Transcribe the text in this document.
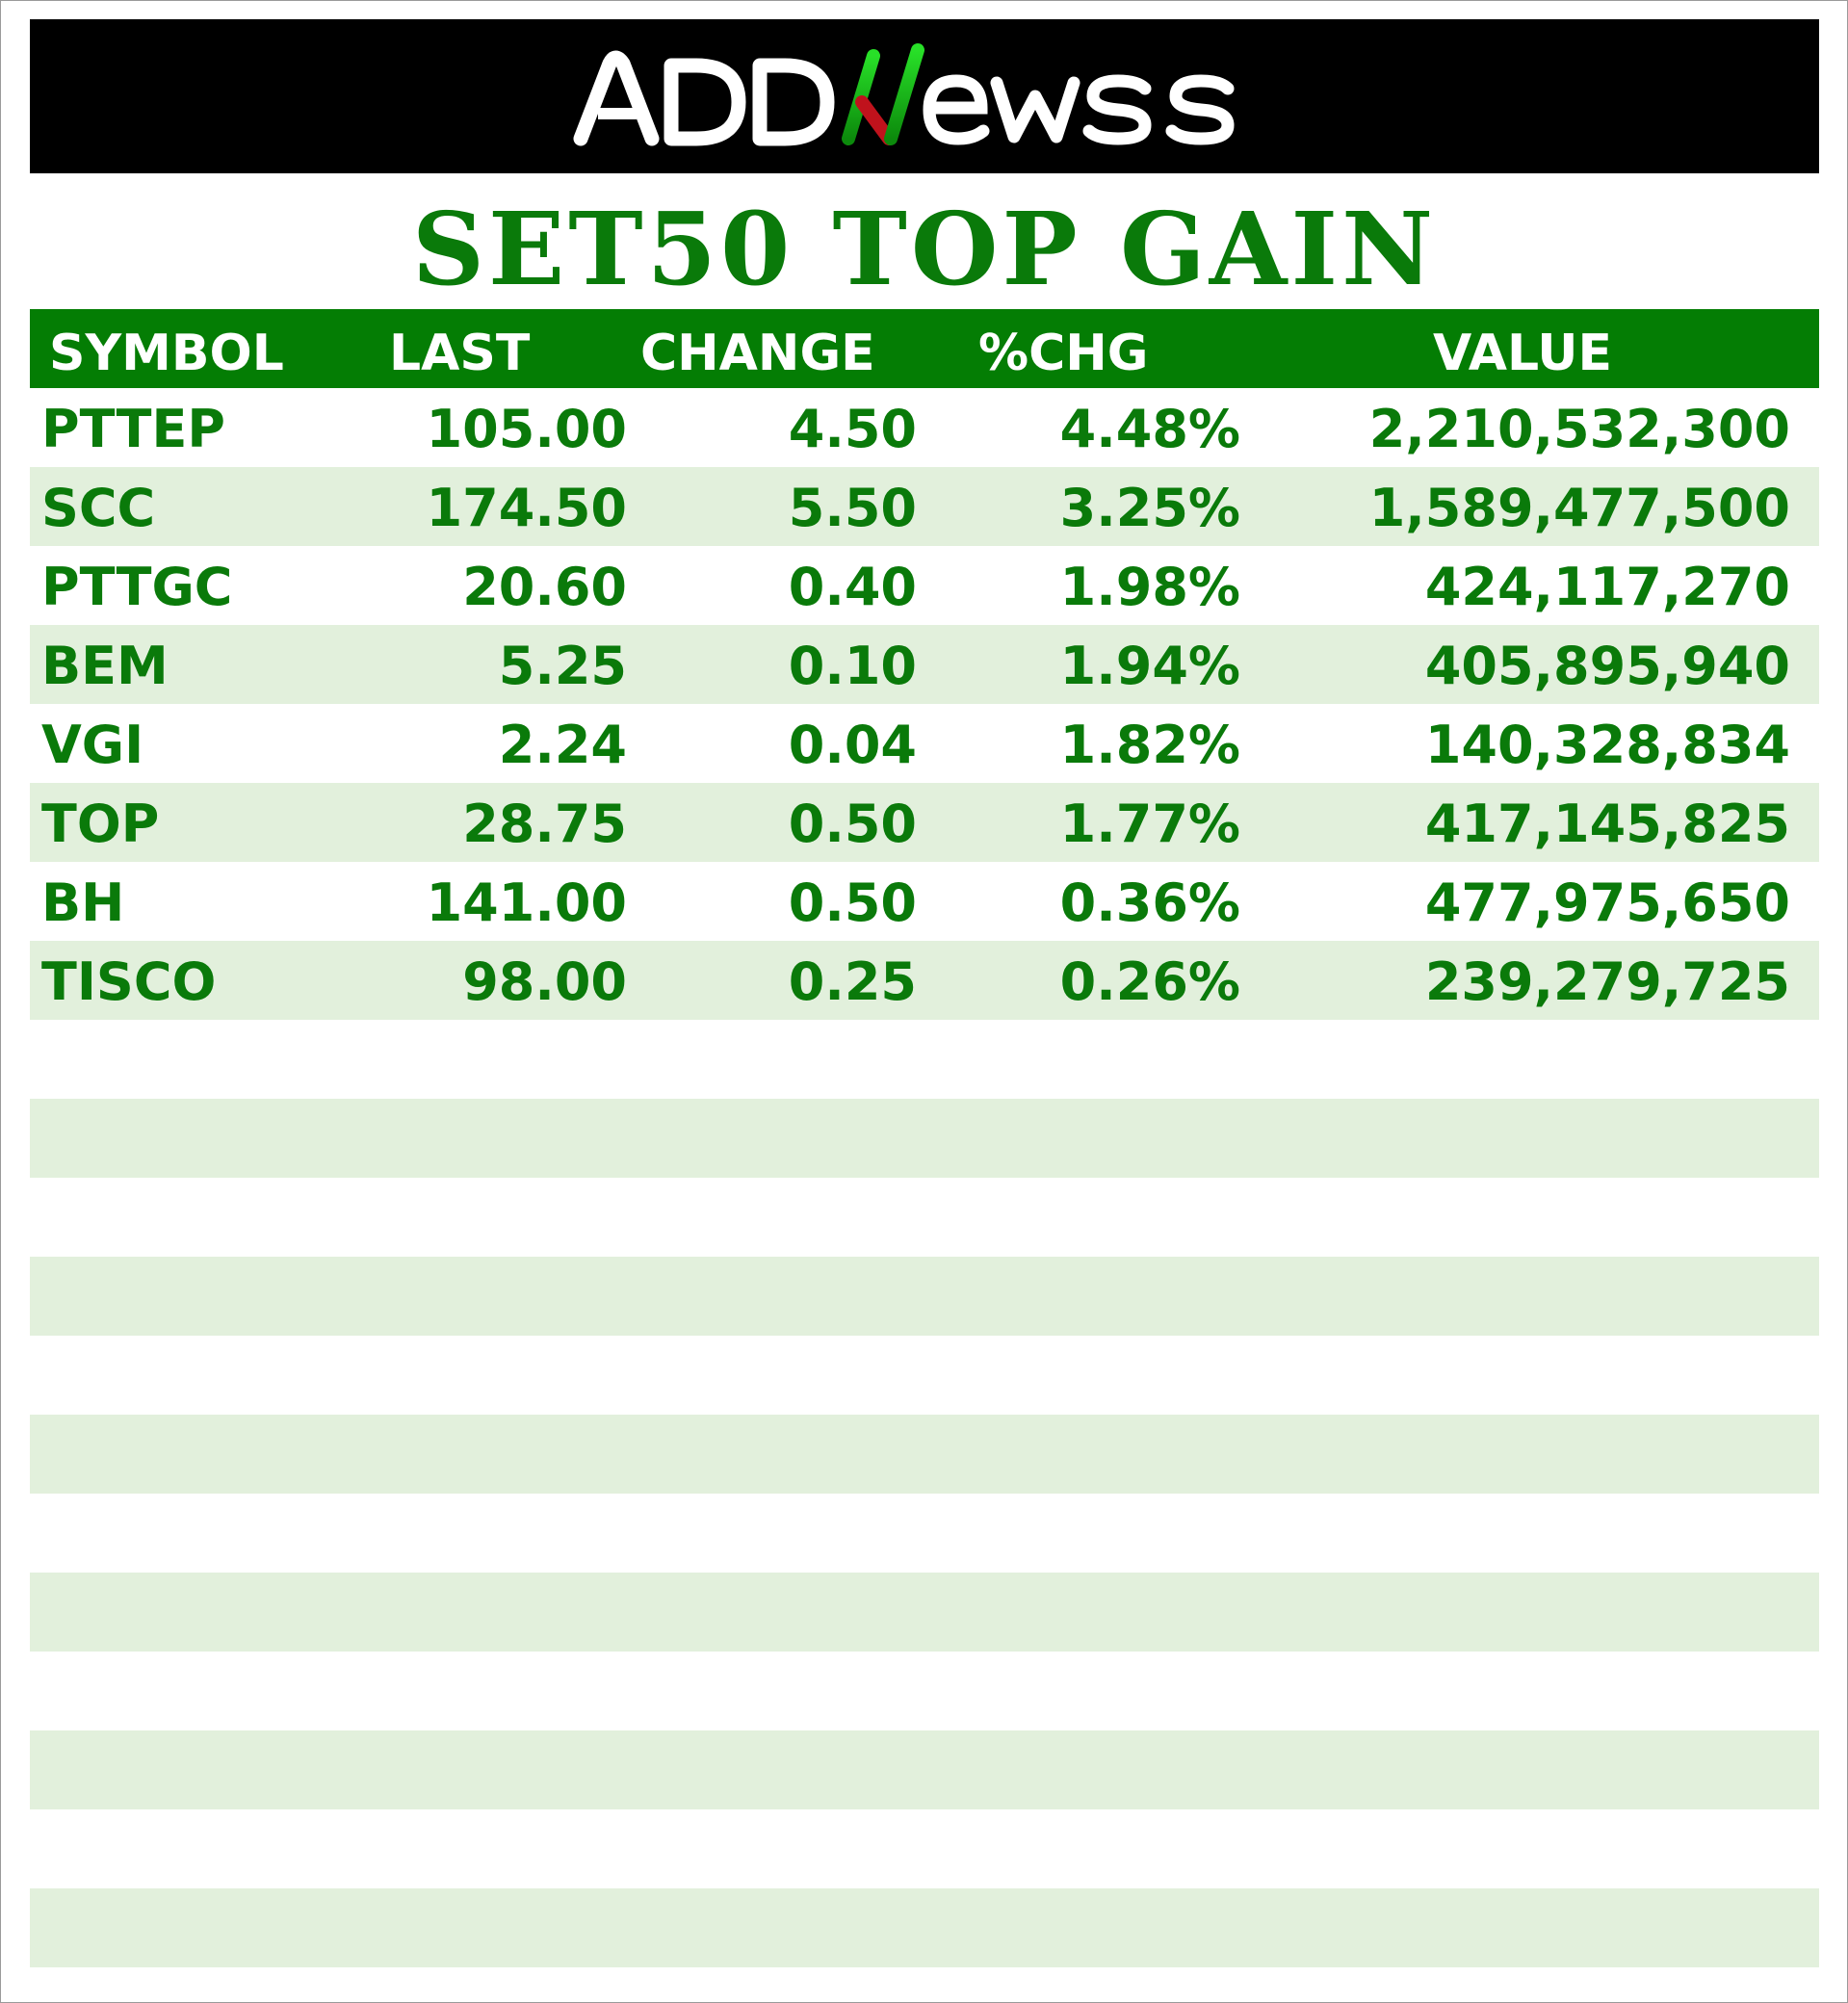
SET50 TOP GAIN
SYMBOL LAST CHANGE %CHG	VALUE
PTTEP	105.00	4.50	4.48% 2,210,532,300
SCC	174.50	5.50	3.25% 1,589,477,500
PTTGC	20.60	0.40	1.98%	424,117,270
BEM	5.25	0.10	1.94%	405,895,940
VGI	2.24	0.04	1.82%	140,328,834
TOP	28.75	0.50	1.77%	417,145,825
BH	141.00	0.50	0.36%	477,975,650
TISCO	98.00	0.25	0.26%	239,279,725
